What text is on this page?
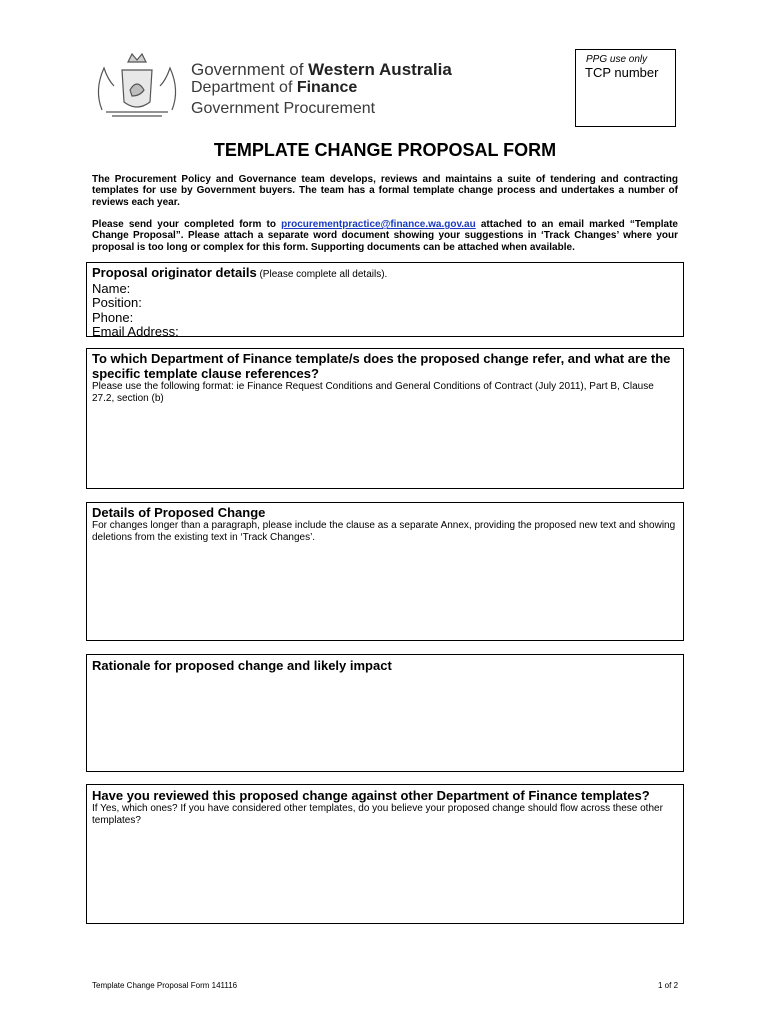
Government of Western Australia
Department of Finance
Government Procurement
PPG use only
TCP number
TEMPLATE CHANGE PROPOSAL FORM
The Procurement Policy and Governance team develops, reviews and maintains a suite of tendering and contracting templates for use by Government buyers. The team has a formal template change process and undertakes a number of reviews each year.
Please send your completed form to procurementpractice@finance.wa.gov.au attached to an email marked “Template Change Proposal”. Please attach a separate word document showing your suggestions in ‘Track Changes’ where your proposal is too long or complex for this form. Supporting documents can be attached when available.
Proposal originator details (Please complete all details).
Name:
Position:
Phone:
Email Address:
To which Department of Finance template/s does the proposed change refer, and what are the specific template clause references?
Please use the following format: ie Finance Request Conditions and General Conditions of Contract (July 2011), Part B, Clause 27.2, section (b)
Details of Proposed Change
For changes longer than a paragraph, please include the clause as a separate Annex, providing the proposed new text and showing deletions from the existing text in ‘Track Changes’.
Rationale for proposed change and likely impact
Have you reviewed this proposed change against other Department of Finance templates?
If Yes, which ones? If you have considered other templates, do you believe your proposed change should flow across these other templates?
Template Change Proposal Form 141116	1 of 2
